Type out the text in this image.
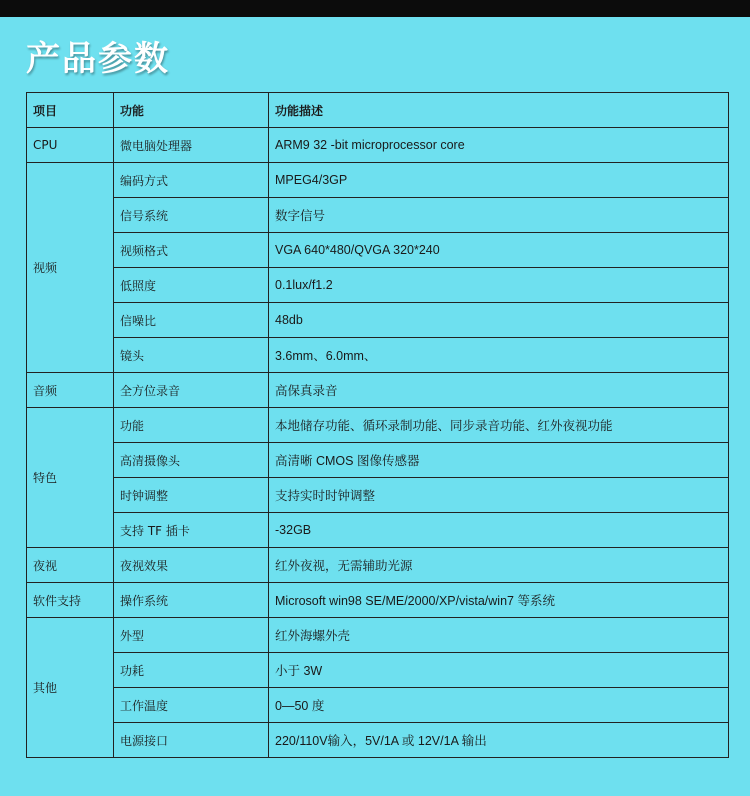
产品参数
项目	功能	功能描述
CPU	微电脑处理器	ARM9 32 -bit microprocessor core
视频	编码方式	MPEG4/3GP
	信号系统	数字信号
	视频格式	VGA 640*480/QVGA 320*240
	低照度	0.1lux/f1.2
	信噪比	48db
	镜头	3.6mm、6.0mm、
音频	全方位录音	高保真录音
特色	功能	本地储存功能、循环录制功能、同步录音功能、红外夜视功能
	高清摄像头	高清晰 CMOS 图像传感器
	时钟调整	支持实时时钟调整
	支持 TF 插卡	-32GB
夜视	夜视效果	红外夜视，无需辅助光源
软件支持	操作系统	Microsoft win98 SE/ME/2000/XP/vista/win7 等系统
其他	外型	红外海螺外壳
	功耗	小于 3W
	工作温度	0—50 度
	电源接口	220/110V输入，5V/1A 或 12V/1A 输出
